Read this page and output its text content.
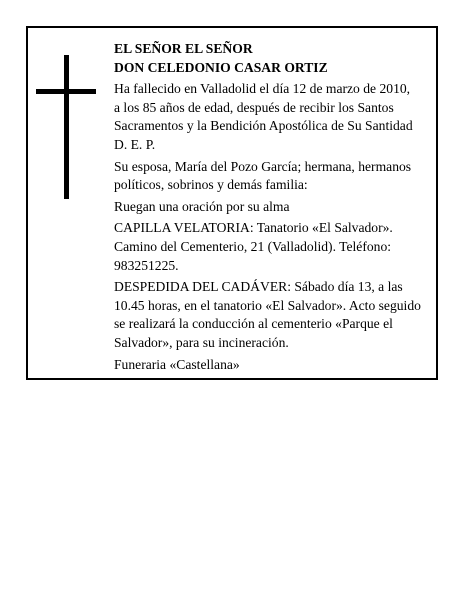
EL SEÑOR EL SEÑOR
DON CELEDONIO CASAR ORTIZ
Ha fallecido en Valladolid el día 12 de marzo de 2010,
a los 85 años de edad, después de recibir los Santos
Sacramentos y la Bendición Apostólica de Su Santidad
D. E. P.
Su esposa, María del Pozo García; hermana, hermanos
políticos, sobrinos y demás familia:
Ruegan una oración por su alma
CAPILLA VELATORIA: Tanatorio «El Salvador».
Camino del Cementerio, 21 (Valladolid). Teléfono:
983251225.
DESPEDIDA DEL CADÁVER: Sábado día 13, a las
10.45 horas, en el tanatorio «El Salvador». Acto seguido
se realizará la conducción al cementerio «Parque el
Salvador», para su incineración.
Funeraria «Castellana»
